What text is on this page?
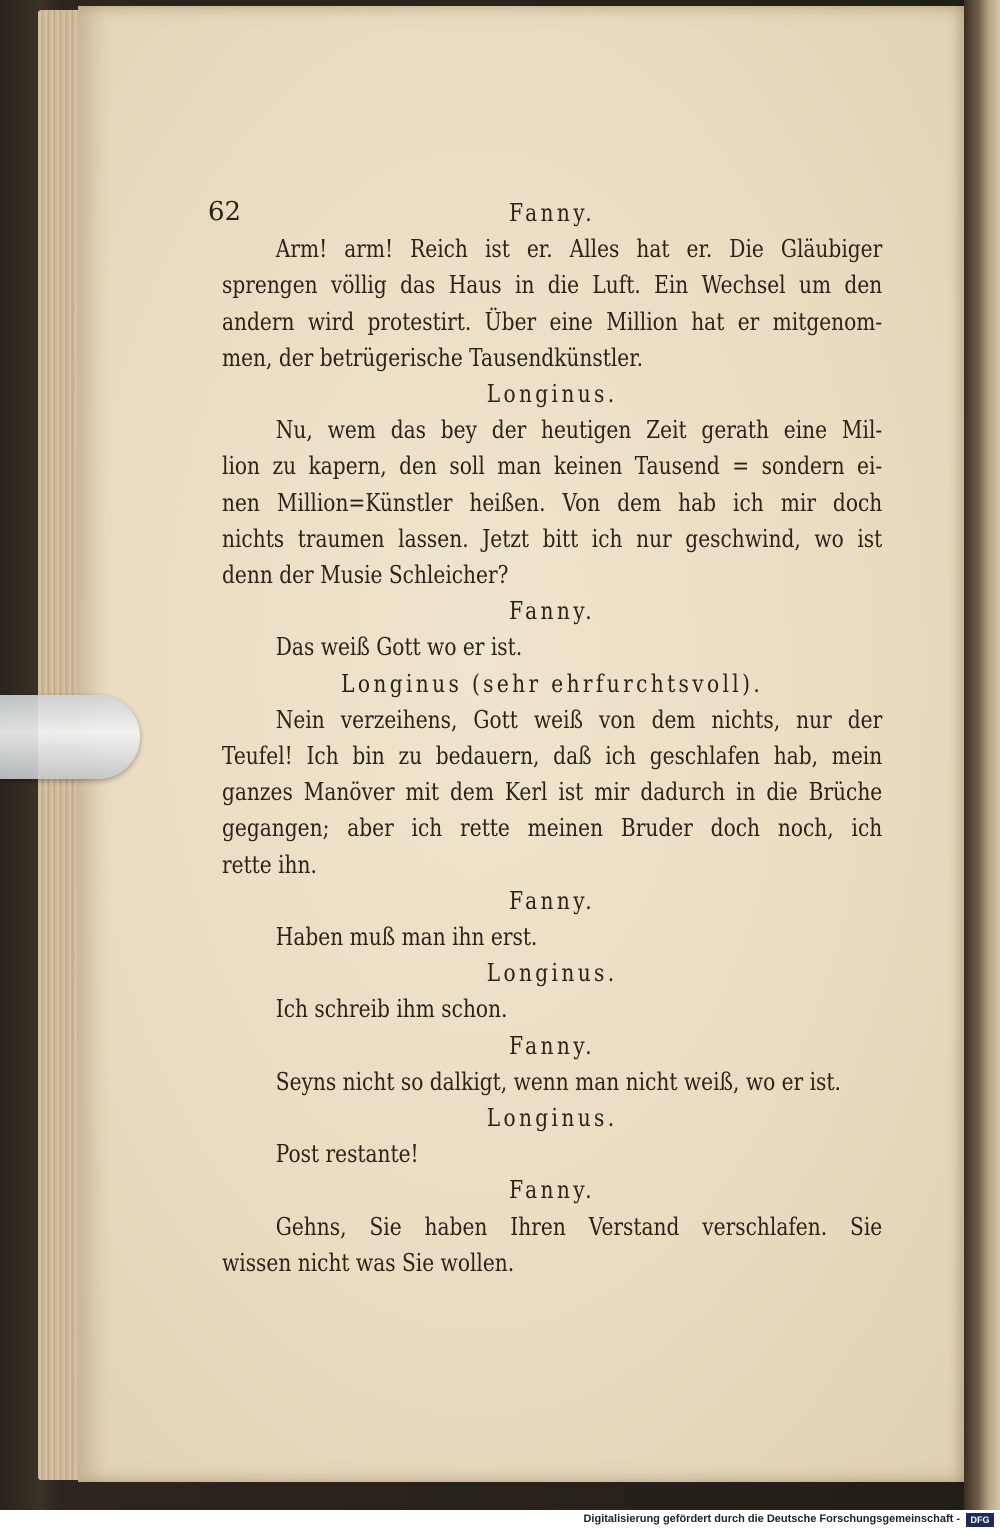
62	Fanny.
Arm! arm! Reich ist er. Alles hat er. Die Gläubiger
sprengen völlig das Haus in die Luft. Ein Wechsel um den
andern wird protestirt. Über eine Million hat er mitgenom-
men, der betrügerische Tausendkünstler.
Longinus.
Nu, wem das bey der heutigen Zeit gerath eine Mil-
lion zu kapern, den soll man keinen Tausend = sondern ei-
nen Million=Künstler heißen. Von dem hab ich mir doch
nichts traumen lassen. Jetzt bitt ich nur geschwind, wo ist
denn der Musie Schleicher?
Fanny.
Das weiß Gott wo er ist.
Longinus (sehr ehrfurchtsvoll).
Nein verzeihens, Gott weiß von dem nichts, nur der
Teufel! Ich bin zu bedauern, daß ich geschlafen hab, mein
ganzes Manöver mit dem Kerl ist mir dadurch in die Brüche
gegangen; aber ich rette meinen Bruder doch noch, ich
rette ihn.
Fanny.
Haben muß man ihn erst.
Longinus.
Ich schreib ihm schon.
Fanny.
Seyns nicht so dalkigt, wenn man nicht weiß, wo er ist.
Longinus.
Post restante!
Fanny.
Gehns, Sie haben Ihren Verstand verschlafen. Sie
wissen nicht was Sie wollen.
Digitalisierung gefördert durch die Deutsche Forschungsgemeinschaft -	DFG
